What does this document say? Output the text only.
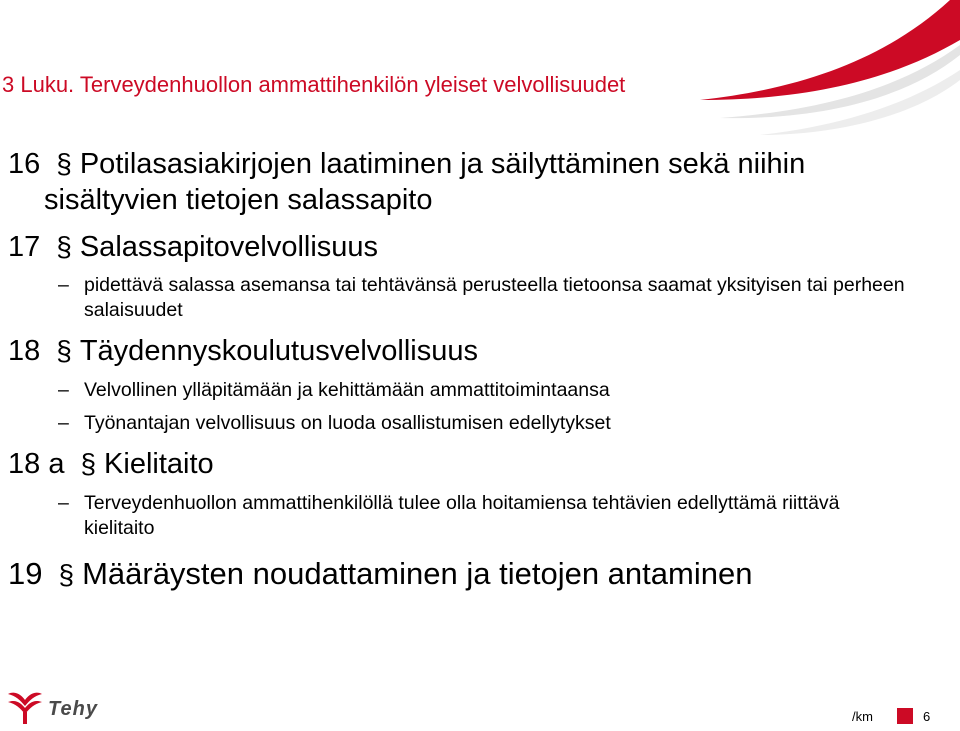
3 Luku. Terveydenhuollon ammattihenkilön yleiset velvollisuudet
16 § Potilasasiakirjojen laatiminen ja säilyttäminen sekä niihin
sisältyvien tietojen salassapito
17 § Salassapitovelvollisuus
– pidettävä salassa asemansa tai tehtävänsä perusteella tietoonsa saamat yksityisen tai perheen salaisuudet
18 § Täydennyskoulutusvelvollisuus
– Velvollinen ylläpitämään ja kehittämään ammattitoimintaansa
– Työnantajan velvollisuus on luoda osallistumisen edellytykset
18 a § Kielitaito
– Terveydenhuollon ammattihenkilöllä tulee olla hoitamiensa tehtävien edellyttämä riittävä kielitaito
19 § Määräysten noudattaminen ja tietojen antaminen
Tehy	/km	6
